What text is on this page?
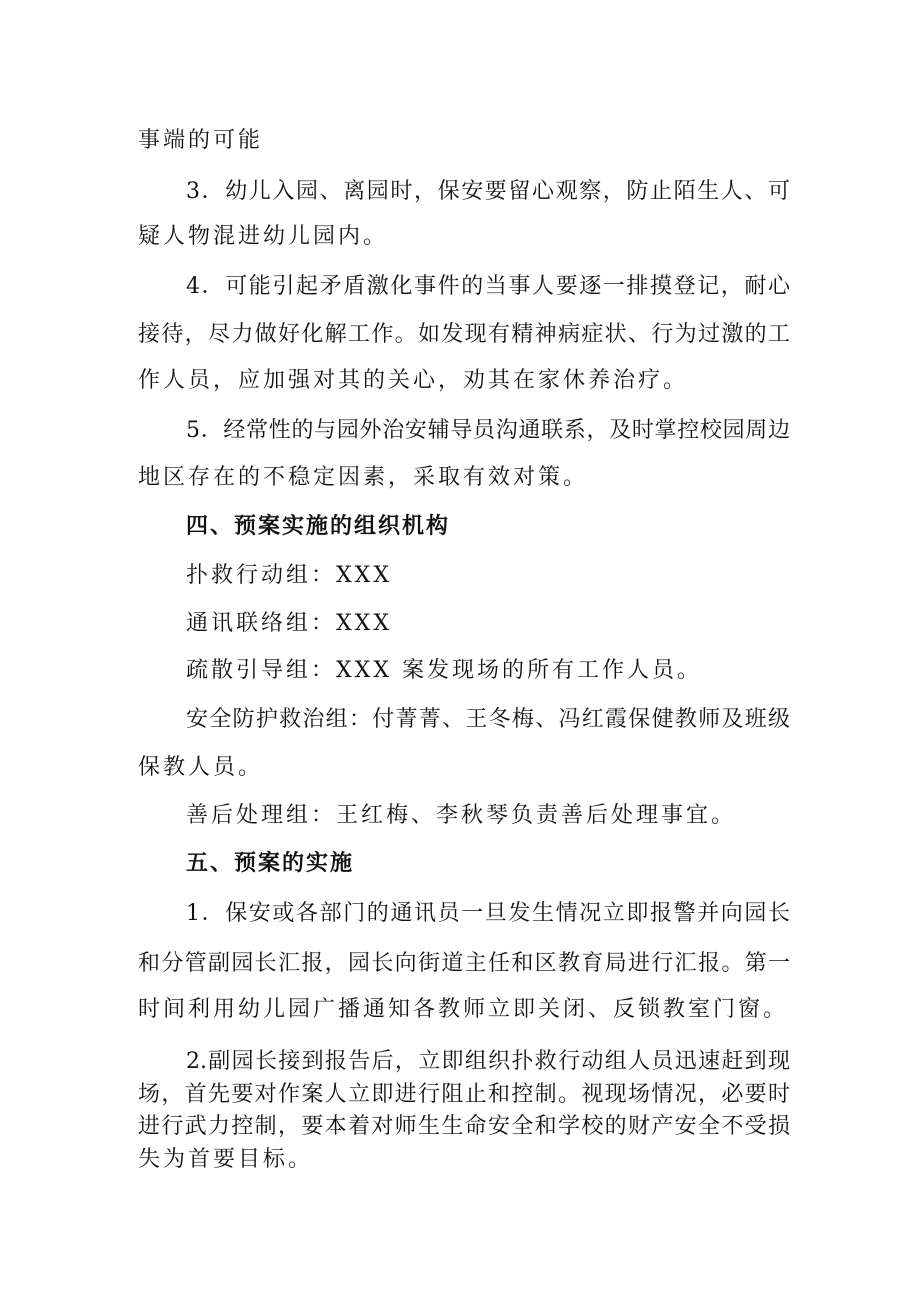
事端的可能
3．幼儿入园、离园时，保安要留心观察，防止陌生人、可
疑人物混进幼儿园内。
4．可能引起矛盾激化事件的当事人要逐一排摸登记，耐心
接待，尽力做好化解工作。如发现有精神病症状、行为过激的工
作人员，应加强对其的关心，劝其在家休养治疗。
5．经常性的与园外治安辅导员沟通联系，及时掌控校园周边
地区存在的不稳定因素，采取有效对策。
四、预案实施的组织机构
扑救行动组：XXX
通讯联络组：XXX
疏散引导组：XXX 案发现场的所有工作人员。
安全防护救治组：付菁菁、王冬梅、冯红霞保健教师及班级
保教人员。
善后处理组：王红梅、李秋琴负责善后处理事宜。
五、预案的实施
1．保安或各部门的通讯员一旦发生情况立即报警并向园长
和分管副园长汇报，园长向街道主任和区教育局进行汇报。第一
时间利用幼儿园广播通知各教师立即关闭、反锁教室门窗。
2.副园长接到报告后，立即组织扑救行动组人员迅速赶到现
场，首先要对作案人立即进行阻止和控制。视现场情况，必要时
进行武力控制，要本着对师生生命安全和学校的财产安全不受损
失为首要目标。
